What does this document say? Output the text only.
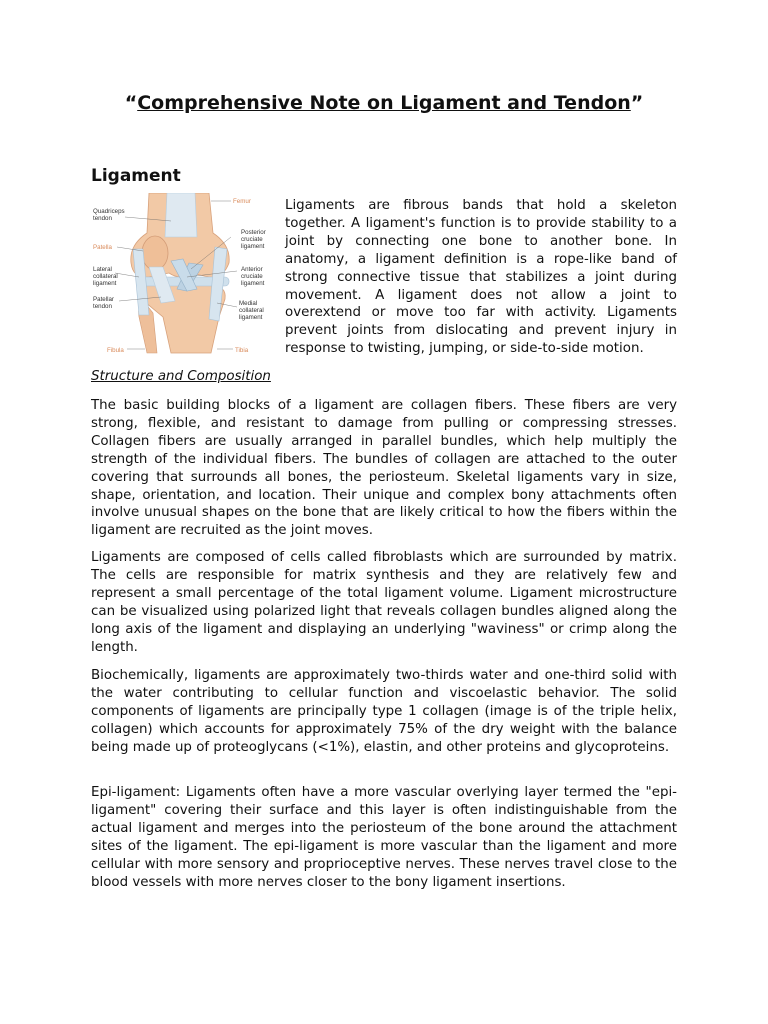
“Comprehensive Note on Ligament and Tendon”
Ligament
Femur
Quadriceps
tendon
Posterior
cruciate
ligament
Patella
Lateral
collateral
ligament
Anterior
cruciate
ligament
Patellar
tendon	Medial
collateral
ligament
Fibula	Tibia

Ligaments are fibrous bands that hold a skeleton together. A ligament's function is to provide stability to a joint by connecting one bone to another bone. In anatomy, a ligament definition is a rope-like band of strong connective tissue that stabilizes a joint during movement. A ligament does not allow a joint to overextend or move too far with activity. Ligaments prevent joints from dislocating and prevent injury in response to twisting, jumping, or side-to-side motion.

Structure and Composition

The basic building blocks of a ligament are collagen fibers. These fibers are very strong, flexible, and resistant to damage from pulling or compressing stresses. Collagen fibers are usually arranged in parallel bundles, which help multiply the strength of the individual fibers. The bundles of collagen are attached to the outer covering that surrounds all bones, the periosteum. Skeletal ligaments vary in size, shape, orientation, and location. Their unique and complex bony attachments often involve unusual shapes on the bone that are likely critical to how the fibers within the ligament are recruited as the joint moves.

Ligaments are composed of cells called fibroblasts which are surrounded by matrix. The cells are responsible for matrix synthesis and they are relatively few and represent a small percentage of the total ligament volume. Ligament microstructure can be visualized using polarized light that reveals collagen bundles aligned along the long axis of the ligament and displaying an underlying "waviness" or crimp along the length.

Biochemically, ligaments are approximately two-thirds water and one-third solid with the water contributing to cellular function and viscoelastic behavior. The solid components of ligaments are principally type 1 collagen (image is of the triple helix, collagen) which accounts for approximately 75% of the dry weight with the balance being made up of proteoglycans (<1%), elastin, and other proteins and glycoproteins.

Epi-ligament: Ligaments often have a more vascular overlying layer termed the "epi-ligament" covering their surface and this layer is often indistinguishable from the actual ligament and merges into the periosteum of the bone around the attachment sites of the ligament. The epi-ligament is more vascular than the ligament and more cellular with more sensory and proprioceptive nerves. These nerves travel close to the blood vessels with more nerves closer to the bony ligament insertions.
